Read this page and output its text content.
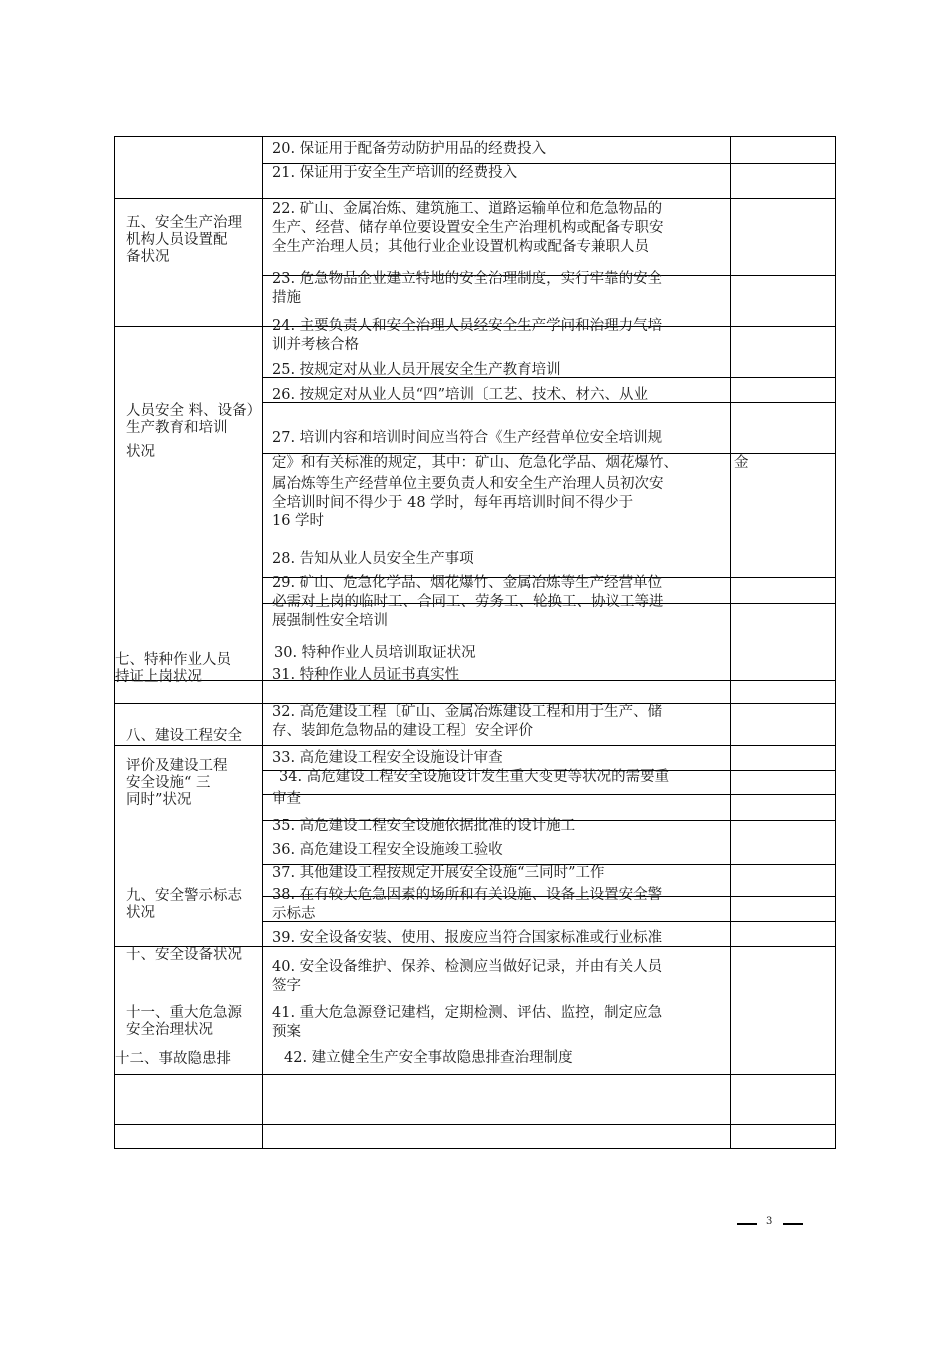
五、安全生产治理
机构人员设置配
备状况
人员安全 料、设备）
生产教育和培训
状况
七、特种作业人员
持证上岗状况
八、建设工程安全
评价及建设工程
安全设施“ 三
同时”状况
九、安全警示标志
状况
十、安全设备状况
十一、重大危急源
安全治理状况
十二、事故隐患排
20. 保证用于配备劳动防护用品的经费投入
21. 保证用于安全生产培训的经费投入
22. 矿山、金属冶炼、建筑施工、道路运输单位和危急物品的
生产、经营、储存单位要设置安全生产治理机构或配备专职安
全生产治理人员；其他行业企业设置机构或配备专兼职人员
23. 危急物品企业建立特地的安全治理制度，实行牢靠的安全
措施
24. 主要负责人和安全治理人员经安全生产学问和治理力气培
训并考核合格
25. 按规定对从业人员开展安全生产教育培训
26. 按规定对从业人员“四”培训〔工艺、技术、材六、从业
27. 培训内容和培训时间应当符合《生产经营单位安全培训规
定》和有关标准的规定，其中：矿山、危急化学品、烟花爆竹、
属冶炼等生产经营单位主要负责人和安全生产治理人员初次安
全培训时间不得少于 48 学时，每年再培训时间不得少于
16 学时
金
28. 告知从业人员安全生产事项
29. 矿山、危急化学品、烟花爆竹、金属冶炼等生产经营单位
必需对上岗的临时工、合同工、劳务工、轮换工、协议工等进
展强制性安全培训
30. 特种作业人员培训取证状况
31. 特种作业人员证书真实性
32. 高危建设工程〔矿山、金属冶炼建设工程和用于生产、储
存、装卸危急物品的建设工程〕安全评价
33. 高危建设工程安全设施设计审查
34. 高危建设工程安全设施设计发生重大变更等状况的需要重
审查
35. 高危建设工程安全设施依据批准的设计施工
36. 高危建设工程安全设施竣工验收
37. 其他建设工程按规定开展安全设施“三同时”工作
38. 在有较大危急因素的场所和有关设施、设备上设置安全警
示标志
39. 安全设备安装、使用、报废应当符合国家标准或行业标准
40. 安全设备维护、保养、检测应当做好记录，并由有关人员
签字
41. 重大危急源登记建档，定期检测、评估、监控，制定应急
预案
42. 建立健全生产安全事故隐患排查治理制度
3
